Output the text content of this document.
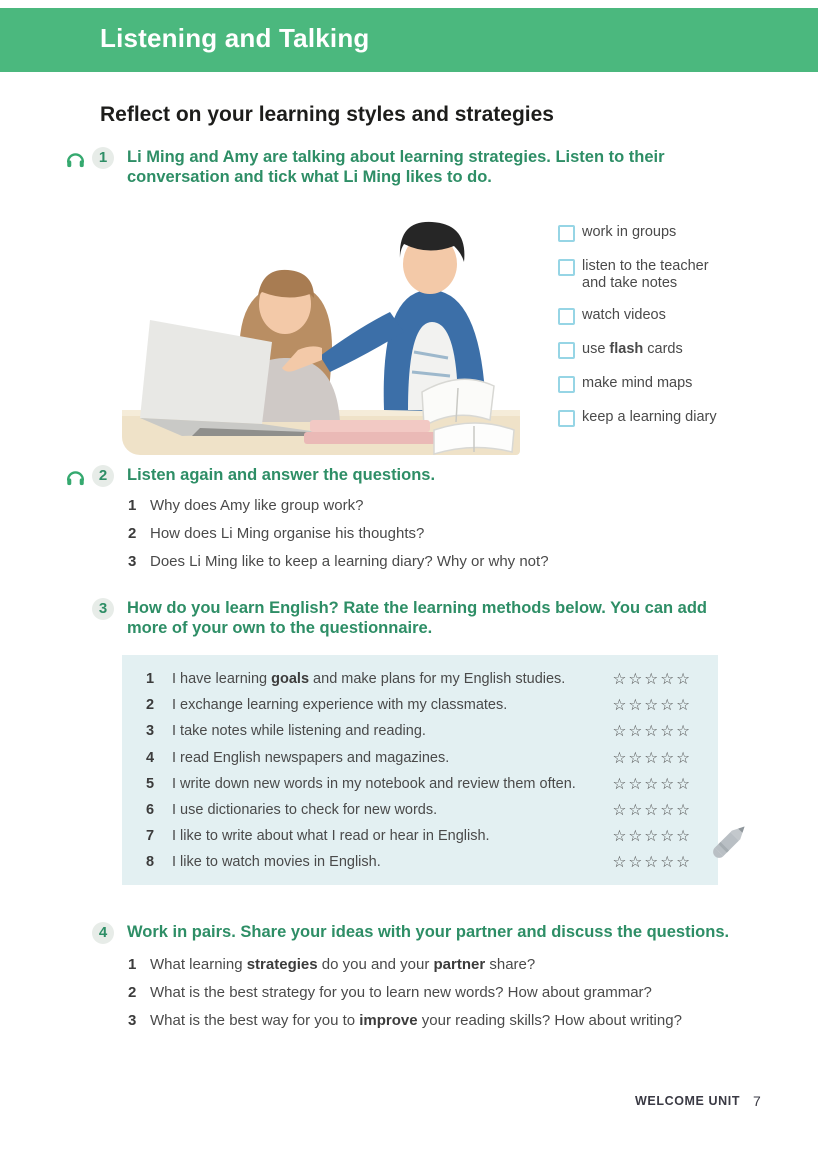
Listening and Talking
Reflect on your learning styles and strategies
1	Li Ming and Amy are talking about learning strategies. Listen to their conversation and tick what Li Ming likes to do.
work in groups
listen to the teacher and take notes
watch videos
use flash cards
make mind maps
keep a learning diary
2	Listen again and answer the questions.
1 Why does Amy like group work?
2 How does Li Ming organise his thoughts?
3 Does Li Ming like to keep a learning diary? Why or why not?
3	How do you learn English? Rate the learning methods below. You can add more of your own to the questionnaire.
1	I have learning goals and make plans for my English studies.	☆☆☆☆☆
2	I exchange learning experience with my classmates.	☆☆☆☆☆
3	I take notes while listening and reading.	☆☆☆☆☆
4	I read English newspapers and magazines.	☆☆☆☆☆
5	I write down new words in my notebook and review them often. ☆☆☆☆☆
6	I use dictionaries to check for new words.	☆☆☆☆☆
7	I like to write about what I read or hear in English.	☆☆☆☆☆
8	I like to watch movies in English.	☆☆☆☆☆
4	Work in pairs. Share your ideas with your partner and discuss the questions.
1 What learning strategies do you and your partner share?
2 What is the best strategy for you to learn new words? How about grammar?
3 What is the best way for you to improve your reading skills? How about writing?
WELCOME UNIT 7
